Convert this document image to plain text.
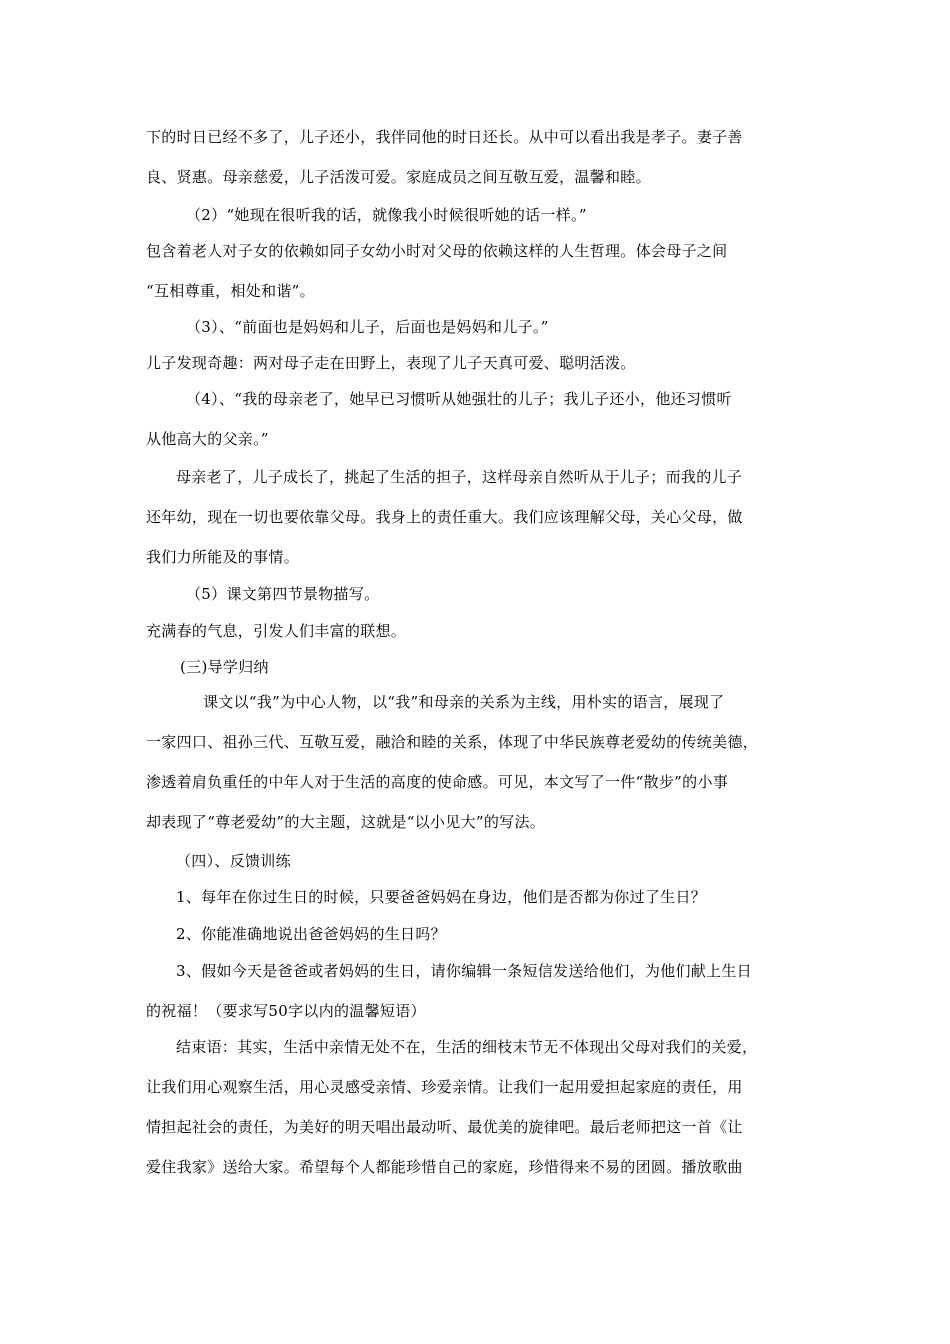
下的时日已经不多了，儿子还小，我伴同他的时日还长。从中可以看出我是孝子。妻子善
良、贤惠。母亲慈爱，儿子活泼可爱。家庭成员之间互敬互爱，温馨和睦。
（2）“她现在很听我的话，就像我小时候很听她的话一样。”
包含着老人对子女的依赖如同子女幼小时对父母的依赖这样的人生哲理。体会母子之间
“互相尊重，相处和谐”。
（3）、“前面也是妈妈和儿子，后面也是妈妈和儿子。”
儿子发现奇趣：两对母子走在田野上，表现了儿子天真可爱、聪明活泼。
（4）、“我的母亲老了，她早已习惯听从她强壮的儿子；我儿子还小，他还习惯听
从他高大的父亲。”
母亲老了，儿子成长了，挑起了生活的担子，这样母亲自然听从于儿子；而我的儿子
还年幼，现在一切也要依靠父母。我身上的责任重大。我们应该理解父母，关心父母，做
我们力所能及的事情。
（5）课文第四节景物描写。
充满春的气息，引发人们丰富的联想。
(三)导学归纳
课文以“我”为中心人物，以“我”和母亲的关系为主线，用朴实的语言，展现了
一家四口、祖孙三代、互敬互爱，融洽和睦的关系，体现了中华民族尊老爱幼的传统美德，
渗透着肩负重任的中年人对于生活的高度的使命感。可见，本文写了一件“散步”的小事
却表现了“尊老爱幼”的大主题，这就是“以小见大”的写法。
（四）、反馈训练
1、每年在你过生日的时候，只要爸爸妈妈在身边，他们是否都为你过了生日？
2、你能准确地说出爸爸妈妈的生日吗？
3、假如今天是爸爸或者妈妈的生日，请你编辑一条短信发送给他们，为他们献上生日
的祝福！（要求写50字以内的温馨短语）
结束语：其实，生活中亲情无处不在，生活的细枝末节无不体现出父母对我们的关爱，
让我们用心观察生活，用心灵感受亲情、珍爱亲情。让我们一起用爱担起家庭的责任，用
情担起社会的责任，为美好的明天唱出最动听、最优美的旋律吧。最后老师把这一首《让
爱住我家》送给大家。希望每个人都能珍惜自己的家庭，珍惜得来不易的团圆。播放歌曲
